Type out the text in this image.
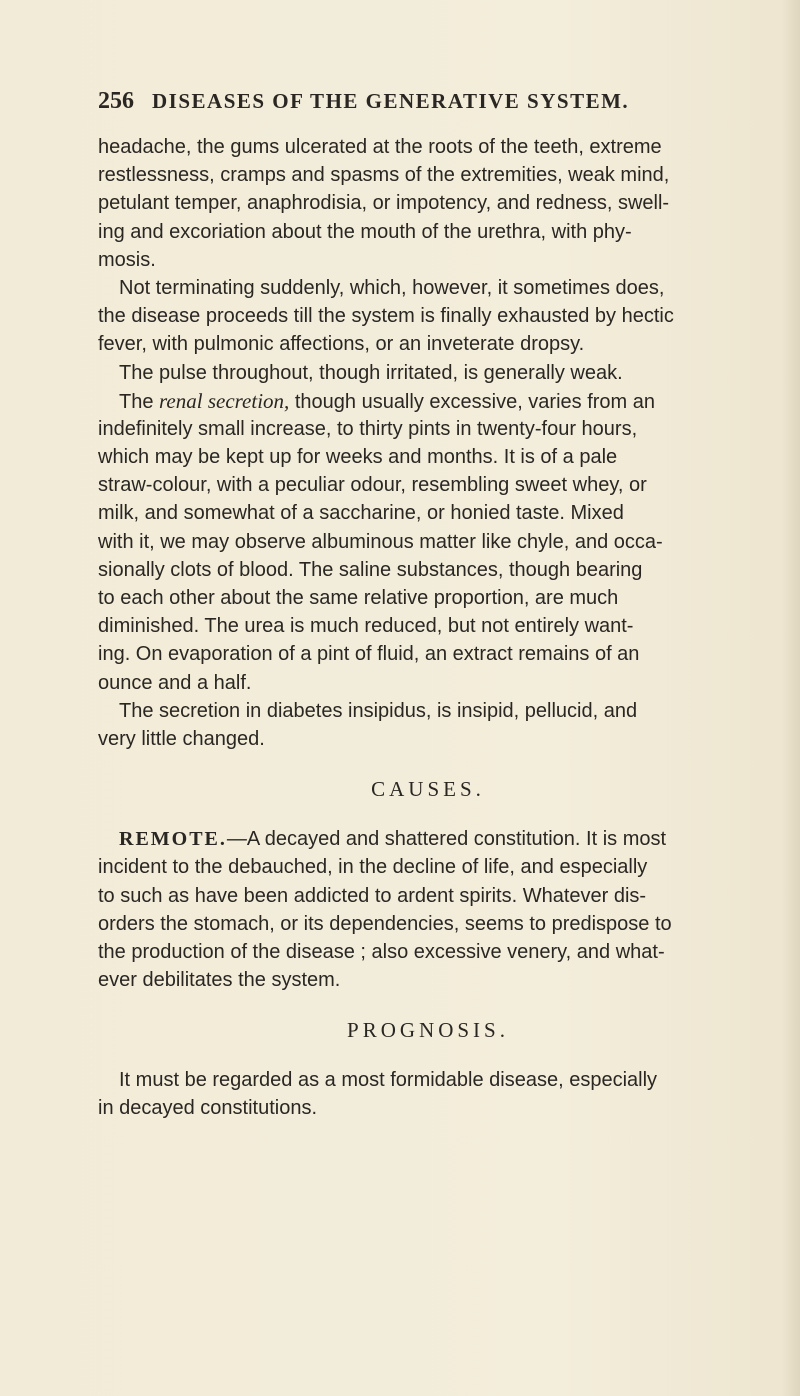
256 DISEASES OF THE GENERATIVE SYSTEM.
headache, the gums ulcerated at the roots of the teeth, extreme
restlessness, cramps and spasms of the extremities, weak mind,
petulant temper, anaphrodisia, or impotency, and redness, swell-
ing and excoriation about the mouth of the urethra, with phy-
mosis.
Not terminating suddenly, which, however, it sometimes does,
the disease proceeds till the system is finally exhausted by hectic
fever, with pulmonic affections, or an inveterate dropsy.
The pulse throughout, though irritated, is generally weak.
The renal secretion, though usually excessive, varies from an
indefinitely small increase, to thirty pints in twenty-four hours,
which may be kept up for weeks and months. It is of a pale
straw-colour, with a peculiar odour, resembling sweet whey, or
milk, and somewhat of a saccharine, or honied taste. Mixed
with it, we may observe albuminous matter like chyle, and occa-
sionally clots of blood. The saline substances, though bearing
to each other about the same relative proportion, are much
diminished. The urea is much reduced, but not entirely want-
ing. On evaporation of a pint of fluid, an extract remains of an
ounce and a half.
The secretion in diabetes insipidus, is insipid, pellucid, and
very little changed.
CAUSES.
REMOTE.—A decayed and shattered constitution. It is most
incident to the debauched, in the decline of life, and especially
to such as have been addicted to ardent spirits. Whatever dis-
orders the stomach, or its dependencies, seems to predispose to
the production of the disease ; also excessive venery, and what-
ever debilitates the system.
PROGNOSIS.
It must be regarded as a most formidable disease, especially
in decayed constitutions.
